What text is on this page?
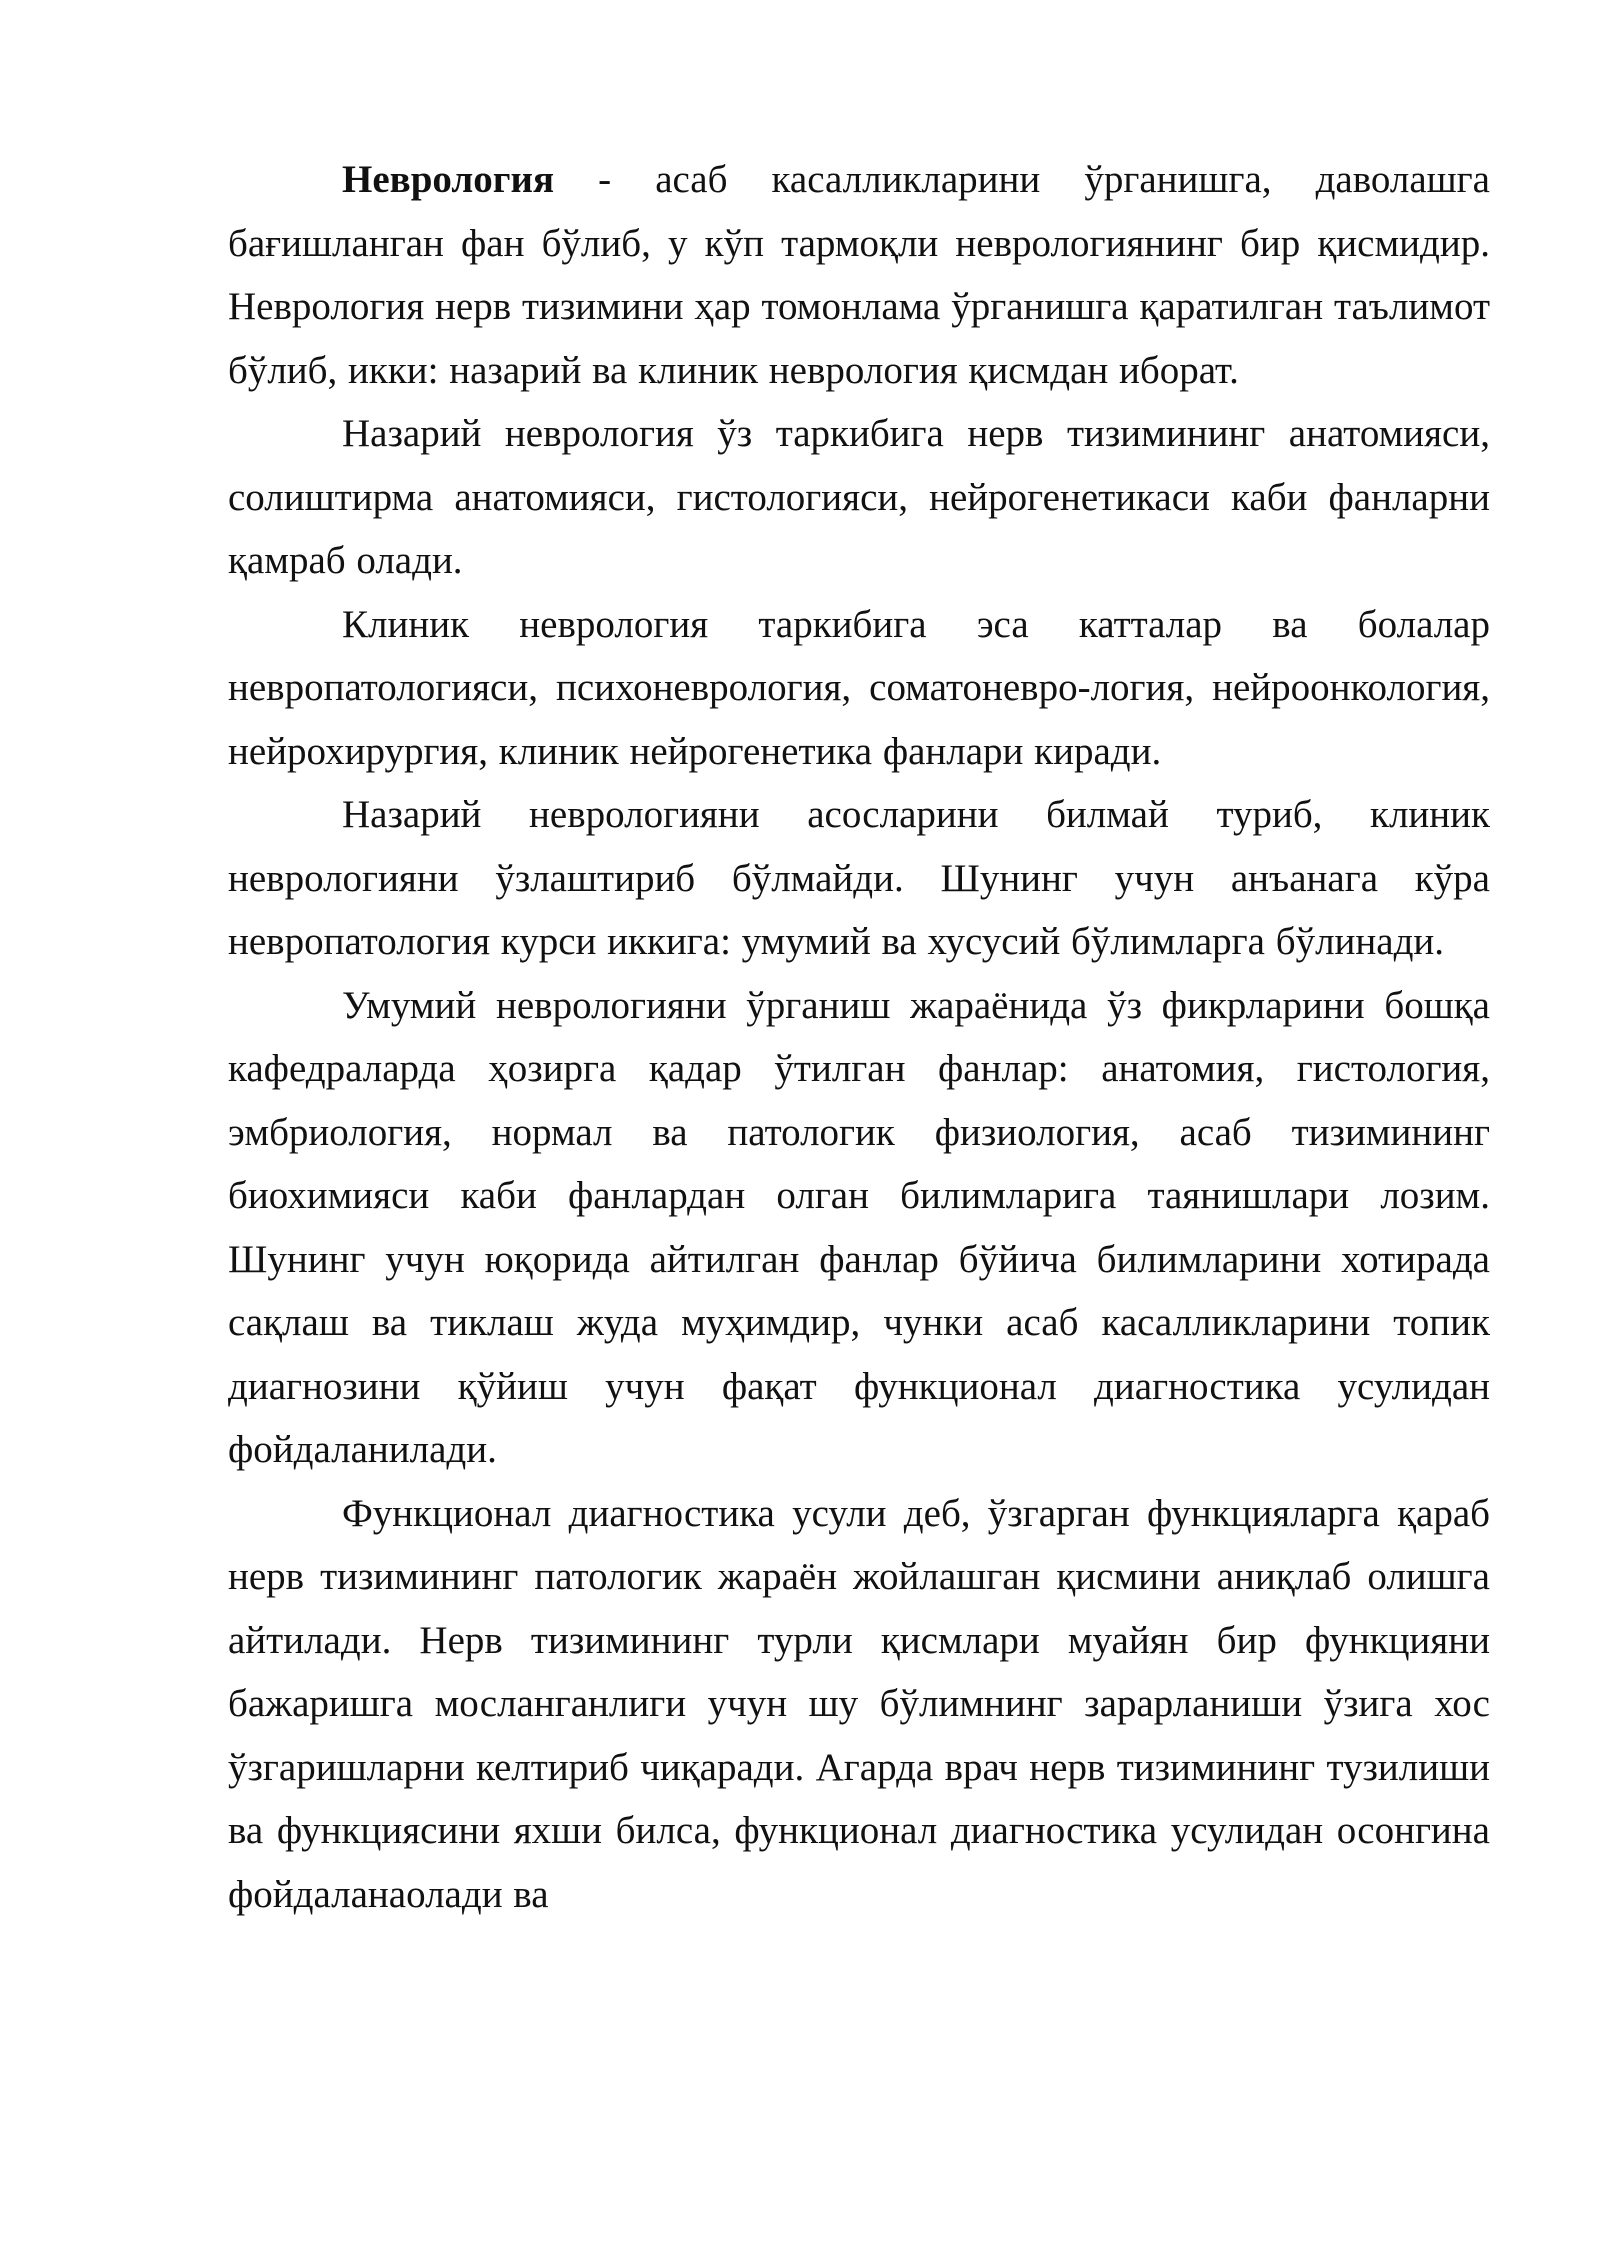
Неврология - асаб касалликларини ўрганишга, даволашга бағишланган фан бўлиб, у кўп тармоқли неврологиянинг бир қисмидир. Неврология нерв тизимини ҳар томонлама ўрганишга қаратилган таълимот бўлиб, икки: назарий ва клиник неврология қисмдан иборат.

Назарий неврология ўз таркибига нерв тизимининг анатомияси, солиштирма анатомияси, гистологияси, нейрогенетикаси каби фанларни қамраб олади.

Клиник неврология таркибига эса катталар ва болалар невропатологияси, психоневрология, соматоневро-логия, нейроонкология, нейрохирургия, клиник нейрогенетика фанлари киради.

Назарий неврологияни асосларини билмай туриб, клиник неврологияни ўзлаштириб бўлмайди. Шунинг учун анъанага кўра невропатология курси иккига: умумий ва хусусий бўлимларга бўлинади.

Умумий неврологияни ўрганиш жараёнида ўз фикрларини бошқа кафедраларда ҳозирга қадар ўтилган фанлар: анатомия, гистология, эмбриология, нормал ва патологик физиология, асаб тизимининг биохимияси каби фанлардан олган билимларига таянишлари лозим. Шунинг учун юқорида айтилган фанлар бўйича билимларини хотирада сақлаш ва тиклаш жуда муҳимдир, чунки асаб касалликларини топик диагнозини қўйиш учун фақат функционал диагностика усулидан фойдаланилади.

Функционал диагностика усули деб, ўзгарган функцияларга қараб нерв тизимининг патологик жараён жойлашган қисмини аниқлаб олишга айтилади. Нерв тизимининг турли қисмлари муайян бир функцияни бажаришга мосланганлиги учун шу бўлимнинг зарарланиши ўзига хос ўзгаришларни келтириб чиқаради. Агарда врач нерв тизимининг тузилиши ва функциясини яхши билса, функционал диагностика усулидан осонгина фойдаланаолади ва
